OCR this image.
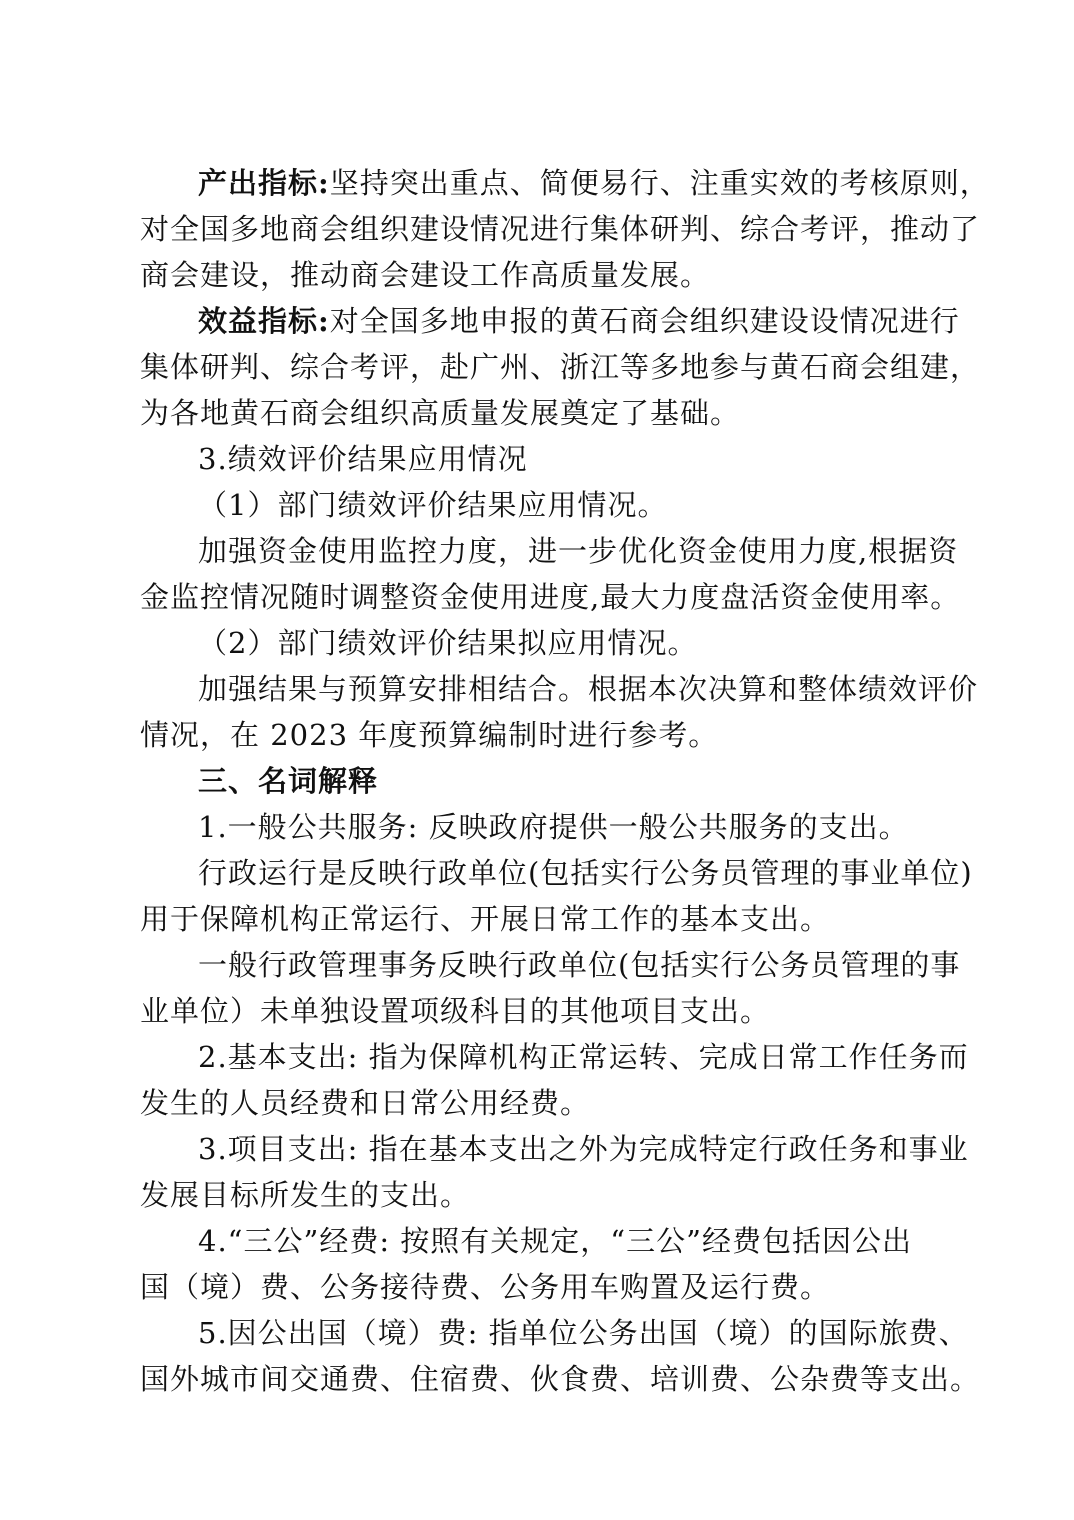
产出指标:坚持突出重点、简便易行、注重实效的考核原则，
对全国多地商会组织建设情况进行集体研判、综合考评，推动了
商会建设，推动商会建设工作高质量发展。
效益指标:对全国多地申报的黄石商会组织建设设情况进行
集体研判、综合考评，赴广州、浙江等多地参与黄石商会组建，
为各地黄石商会组织高质量发展奠定了基础。
3.绩效评价结果应用情况
（1）部门绩效评价结果应用情况。
加强资金使用监控力度，进一步优化资金使用力度,根据资
金监控情况随时调整资金使用进度,最大力度盘活资金使用率。
（2）部门绩效评价结果拟应用情况。
加强结果与预算安排相结合。根据本次决算和整体绩效评价
情况，在 2023 年度预算编制时进行参考。
三、名词解释
1.一般公共服务: 反映政府提供一般公共服务的支出。
行政运行是反映行政单位(包括实行公务员管理的事业单位)
用于保障机构正常运行、开展日常工作的基本支出。
一般行政管理事务反映行政单位(包括实行公务员管理的事
业单位）未单独设置项级科目的其他项目支出。
2.基本支出: 指为保障机构正常运转、完成日常工作任务而
发生的人员经费和日常公用经费。
3.项目支出: 指在基本支出之外为完成特定行政任务和事业
发展目标所发生的支出。
4.“三公”经费: 按照有关规定，“三公”经费包括因公出
国（境）费、公务接待费、公务用车购置及运行费。
5.因公出国（境）费: 指单位公务出国（境）的国际旅费、
国外城市间交通费、住宿费、伙食费、培训费、公杂费等支出。
